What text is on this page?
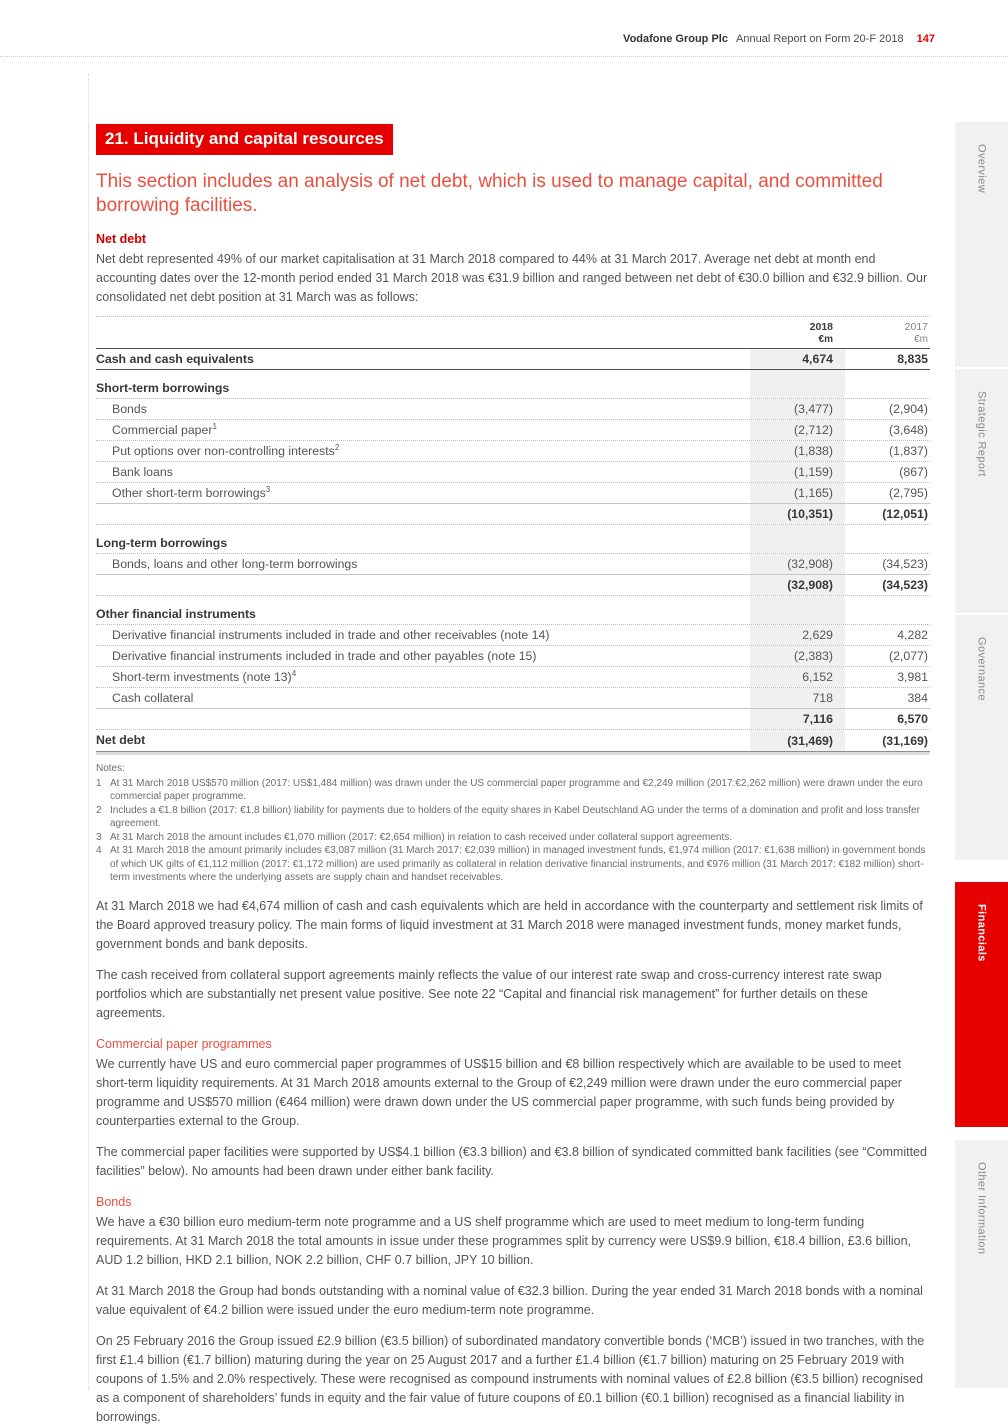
Vodafone Group Plc Annual Report on Form 20-F 2018 147
Overview
Strategic Report
Governance
Financials
Other Information
21. Liquidity and capital resources
This section includes an analysis of net debt, which is used to manage capital, and committed borrowing facilities.
Net debt

Net debt represented 49% of our market capitalisation at 31 March 2018 compared to 44% at 31 March 2017. Average net debt at month end accounting dates over the 12-month period ended 31 March 2018 was €31.9 billion and ranged between net debt of €30.0 billion and €32.9 billion. Our consolidated net debt position at 31 March was as follows:

2018
€m
2017
€m
Cash and cash equivalents	4,674	8,835
Short-term borrowings
Bonds	(3,477)	(2,904)
Commercial paper$^1$	(2,712)	(3,648)
Put options over non-controlling interests$^2$	(1,838)	(1,837)
Bank loans	(1,159)	(867)
Other short-term borrowings$^3$	(1,165)	(2,795)
(10,351)	(12,051)
Long-term borrowings
Bonds, loans and other long-term borrowings	(32,908)	(34,523)
(32,908)	(34,523)
Other financial instruments
Derivative financial instruments included in trade and other receivables (note 14)	2,629	4,282
Derivative financial instruments included in trade and other payables (note 15)	(2,383)	(2,077)
Short-term investments (note 13)$^4$	6,152	3,981
Cash collateral	718	384
7,116	6,570
Net debt	(31,469)	(31,169)
Notes:
1 At 31 March 2018 US$570 million (2017: US$1,484 million) was drawn under the US commercial paper programme and €2,249 million (2017:€2,262 million) were drawn under the euro commercial paper programme.
2 Includes a €1.8 billion (2017: €1.8 billion) liability for payments due to holders of the equity shares in Kabel Deutschland AG under the terms of a domination and profit and loss transfer agreement.
3 At 31 March 2018 the amount includes €1,070 million (2017: €2,654 million) in relation to cash received under collateral support agreements.
4 At 31 March 2018 the amount primarily includes €3,087 million (31 March 2017: €2,039 million) in managed investment funds, €1,974 million (2017: €1,638 million) in government bonds of which UK gilts of €1,112 million (2017: €1,172 million) are used primarily as collateral in relation derivative financial instruments, and €976 million (31 March 2017: €182 million) short-term investments where the underlying assets are supply chain and handset receivables.

At 31 March 2018 we had €4,674 million of cash and cash equivalents which are held in accordance with the counterparty and settlement risk limits of the Board approved treasury policy. The main forms of liquid investment at 31 March 2018 were managed investment funds, money market funds, government bonds and bank deposits.

The cash received from collateral support agreements mainly reflects the value of our interest rate swap and cross-currency interest rate swap portfolios which are substantially net present value positive. See note 22 “Capital and financial risk management” for further details on these agreements.

Commercial paper programmes

We currently have US and euro commercial paper programmes of US$15 billion and €8 billion respectively which are available to be used to meet short-term liquidity requirements. At 31 March 2018 amounts external to the Group of €2,249 million were drawn under the euro commercial paper programme and US$570 million (€464 million) were drawn down under the US commercial paper programme, with such funds being provided by counterparties external to the Group.

The commercial paper facilities were supported by US$4.1 billion (€3.3 billion) and €3.8 billion of syndicated committed bank facilities (see “Committed facilities” below). No amounts had been drawn under either bank facility.

Bonds

We have a €30 billion euro medium-term note programme and a US shelf programme which are used to meet medium to long-term funding requirements. At 31 March 2018 the total amounts in issue under these programmes split by currency were US$9.9 billion, €18.4 billion, £3.6 billion, AUD 1.2 billion, HKD 2.1 billion, NOK 2.2 billion, CHF 0.7 billion, JPY 10 billion.

At 31 March 2018 the Group had bonds outstanding with a nominal value of €32.3 billion. During the year ended 31 March 2018 bonds with a nominal value equivalent of €4.2 billion were issued under the euro medium-term note programme.

On 25 February 2016 the Group issued £2.9 billion (€3.5 billion) of subordinated mandatory convertible bonds (‘MCB’) issued in two tranches, with the first £1.4 billion (€1.7 billion) maturing during the year on 25 August 2017 and a further £1.4 billion (€1.7 billion) maturing on 25 February 2019 with coupons of 1.5% and 2.0% respectively. These were recognised as compound instruments with nominal values of £2.8 billion (€3.5 billion) recognised as a component of shareholders’ funds in equity and the fair value of future coupons of £0.1 billion (€0.1 billion) recognised as a financial liability in borrowings.
